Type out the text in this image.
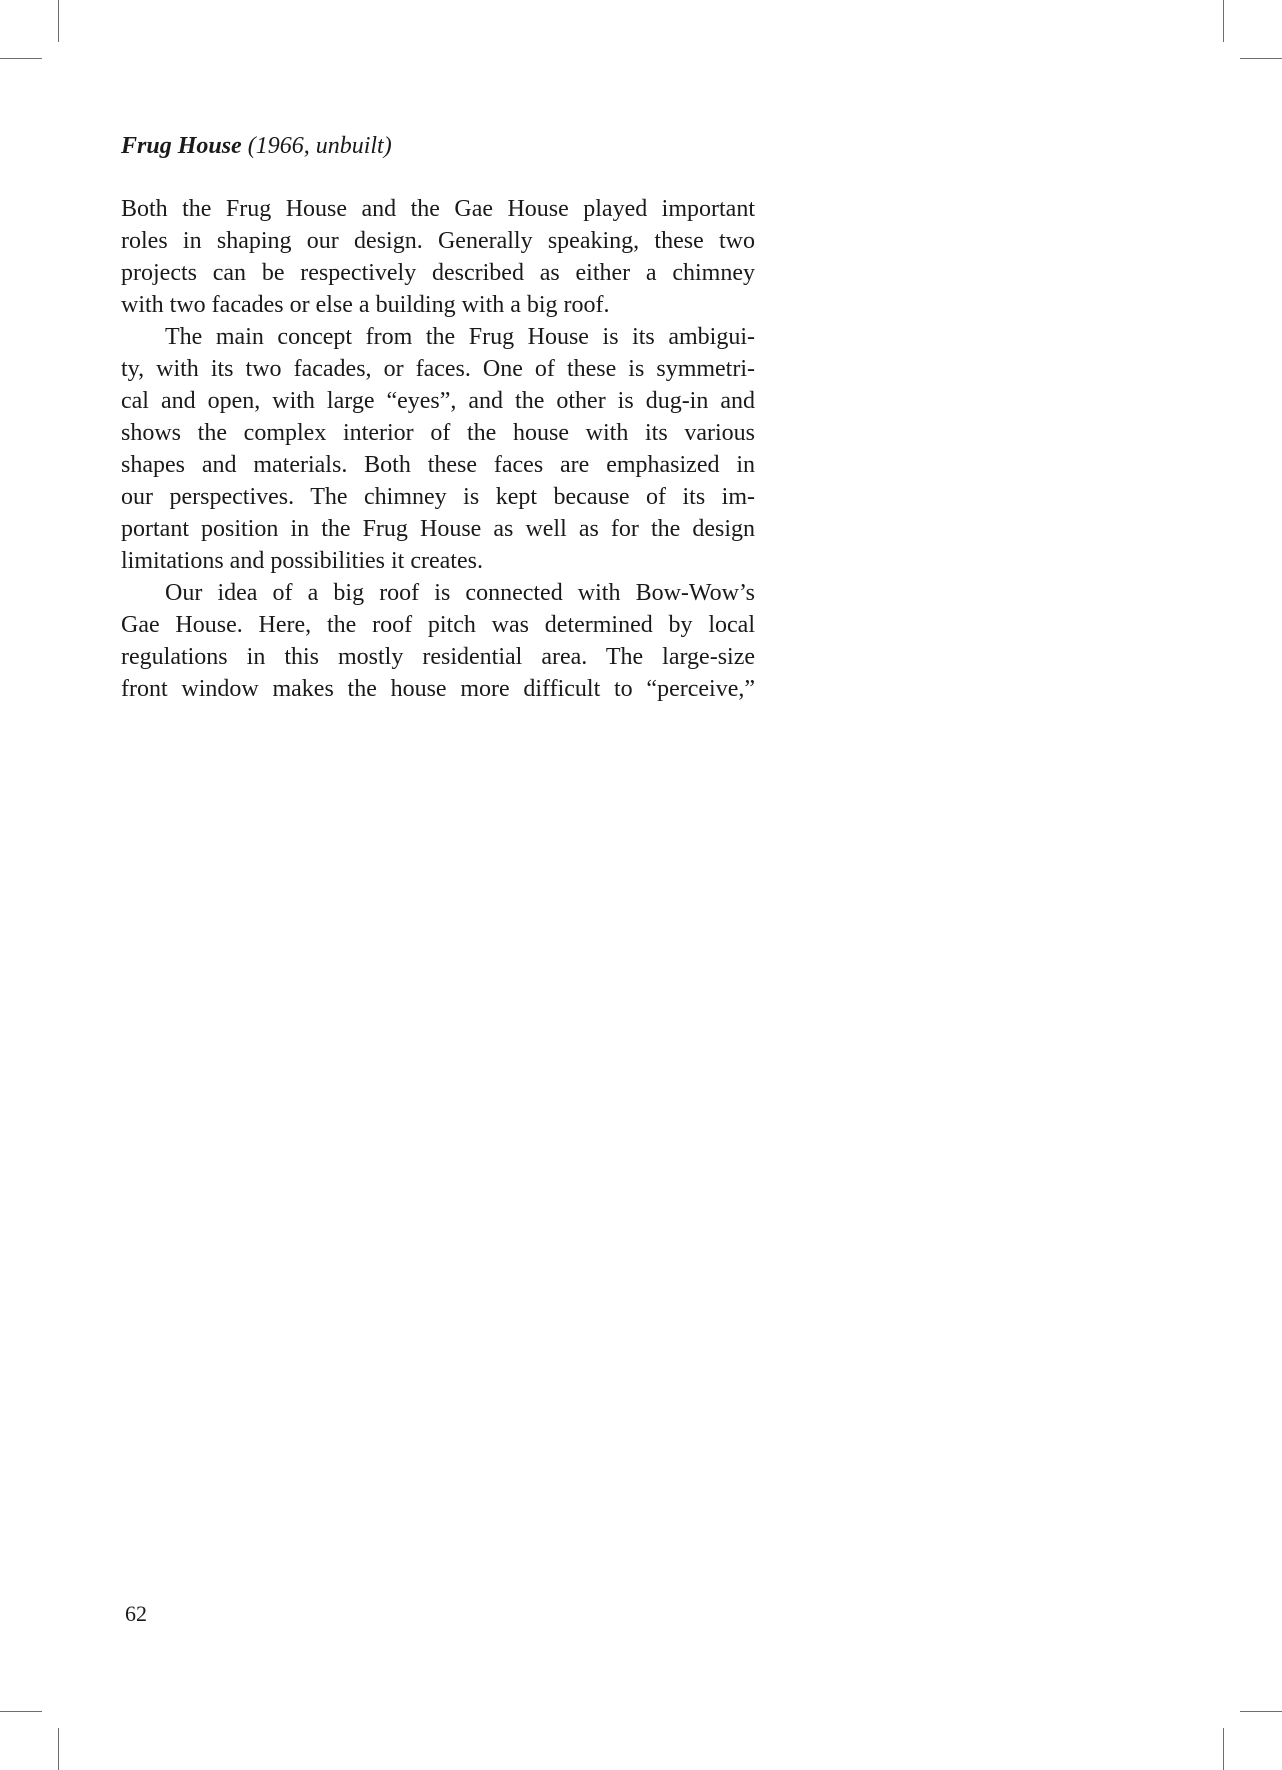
Frug House (1966, unbuilt)
Both the Frug House and the Gae House played important
roles in shaping our design. Generally speaking, these two
projects can be respectively described as either a chimney
with two facades or else a building with a big roof.
The main concept from the Frug House is its ambigui-
ty, with its two facades, or faces. One of these is symmetri-
cal and open, with large “eyes”, and the other is dug-in and
shows the complex interior of the house with its various
shapes and materials. Both these faces are emphasized in
our perspectives. The chimney is kept because of its im-
portant position in the Frug House as well as for the design
limitations and possibilities it creates.
Our idea of a big roof is connected with Bow-Wow’s
Gae House. Here, the roof pitch was determined by local
regulations in this mostly residential area. The large-size
front window makes the house more difficult to “perceive,”
62
